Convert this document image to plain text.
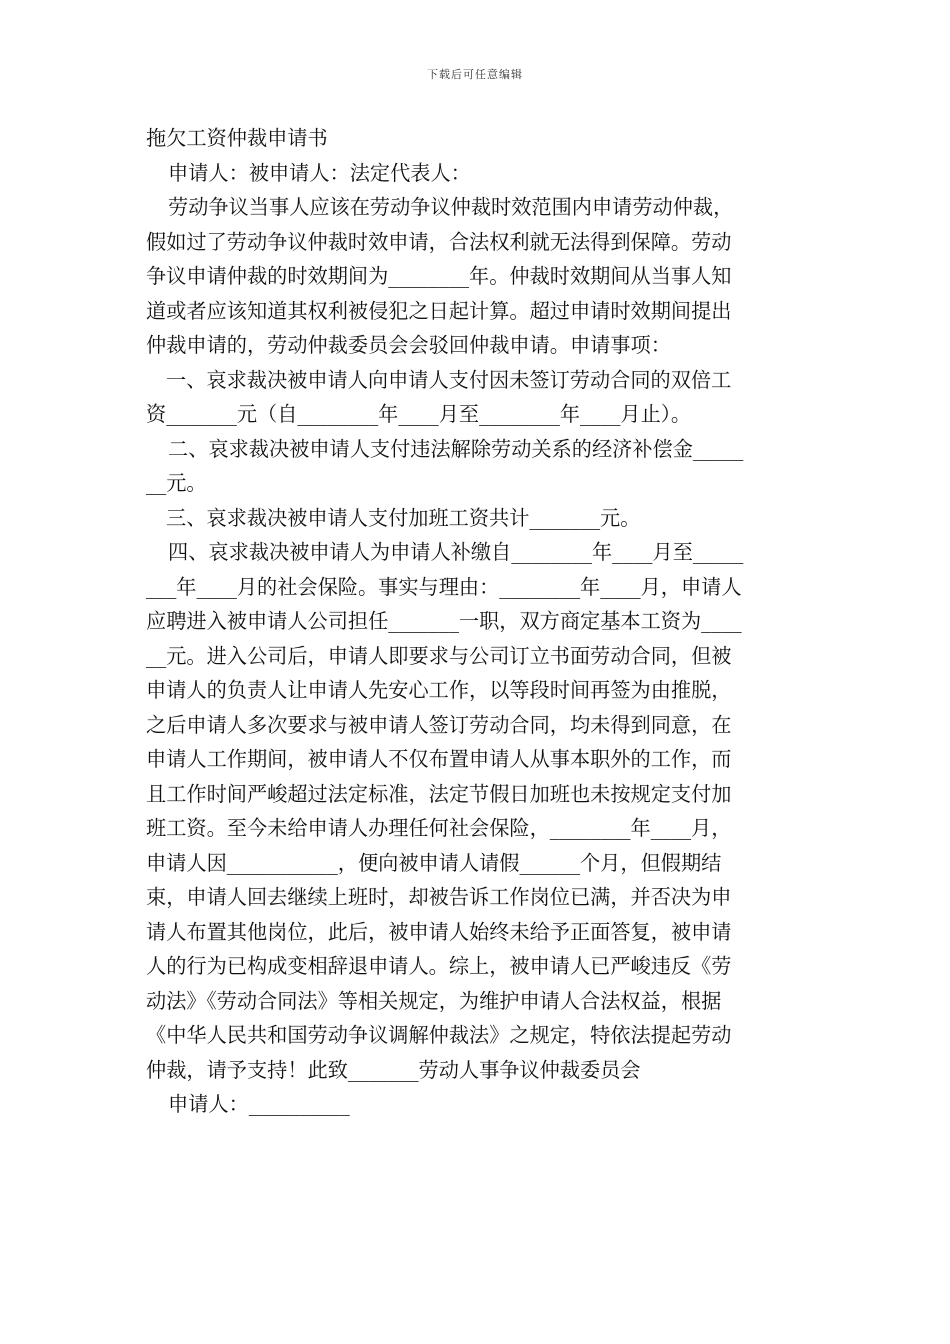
下载后可任意编辑
拖欠工资仲裁申请书
申请人：被申请人：法定代表人：
劳动争议当事人应该在劳动争议仲裁时效范围内申请劳动仲裁，
假如过了劳动争议仲裁时效申请，合法权利就无法得到保障。劳动
争议申请仲裁的时效期间为________年。仲裁时效期间从当事人知
道或者应该知道其权利被侵犯之日起计算。超过申请时效期间提出
仲裁申请的，劳动仲裁委员会会驳回仲裁申请。申请事项：
一、哀求裁决被申请人向申请人支付因未签订劳动合同的双倍工
资_______元（自________年____月至________年____月止）。
二、哀求裁决被申请人支付违法解除劳动关系的经济补偿金_____
__元。
三、哀求裁决被申请人支付加班工资共计_______元。
四、哀求裁决被申请人为申请人补缴自________年____月至_____
___年____月的社会保险。事实与理由：________年____月，申请人
应聘进入被申请人公司担任_______一职，双方商定基本工资为____
__元。进入公司后，申请人即要求与公司订立书面劳动合同，但被
申请人的负责人让申请人先安心工作，以等段时间再签为由推脱，
之后申请人多次要求与被申请人签订劳动合同，均未得到同意，在
申请人工作期间，被申请人不仅布置申请人从事本职外的工作，而
且工作时间严峻超过法定标准，法定节假日加班也未按规定支付加
班工资。至今未给申请人办理任何社会保险，________年____月，
申请人因___________，便向被申请人请假______个月，但假期结
束，申请人回去继续上班时，却被告诉工作岗位已满，并否决为申
请人布置其他岗位，此后，被申请人始终未给予正面答复，被申请
人的行为已构成变相辞退申请人。综上，被申请人已严峻违反《劳
动法》《劳动合同法》等相关规定，为维护申请人合法权益，根据
《中华人民共和国劳动争议调解仲裁法》之规定，特依法提起劳动
仲裁，请予支持！此致_______劳动人事争议仲裁委员会
申请人：__________
